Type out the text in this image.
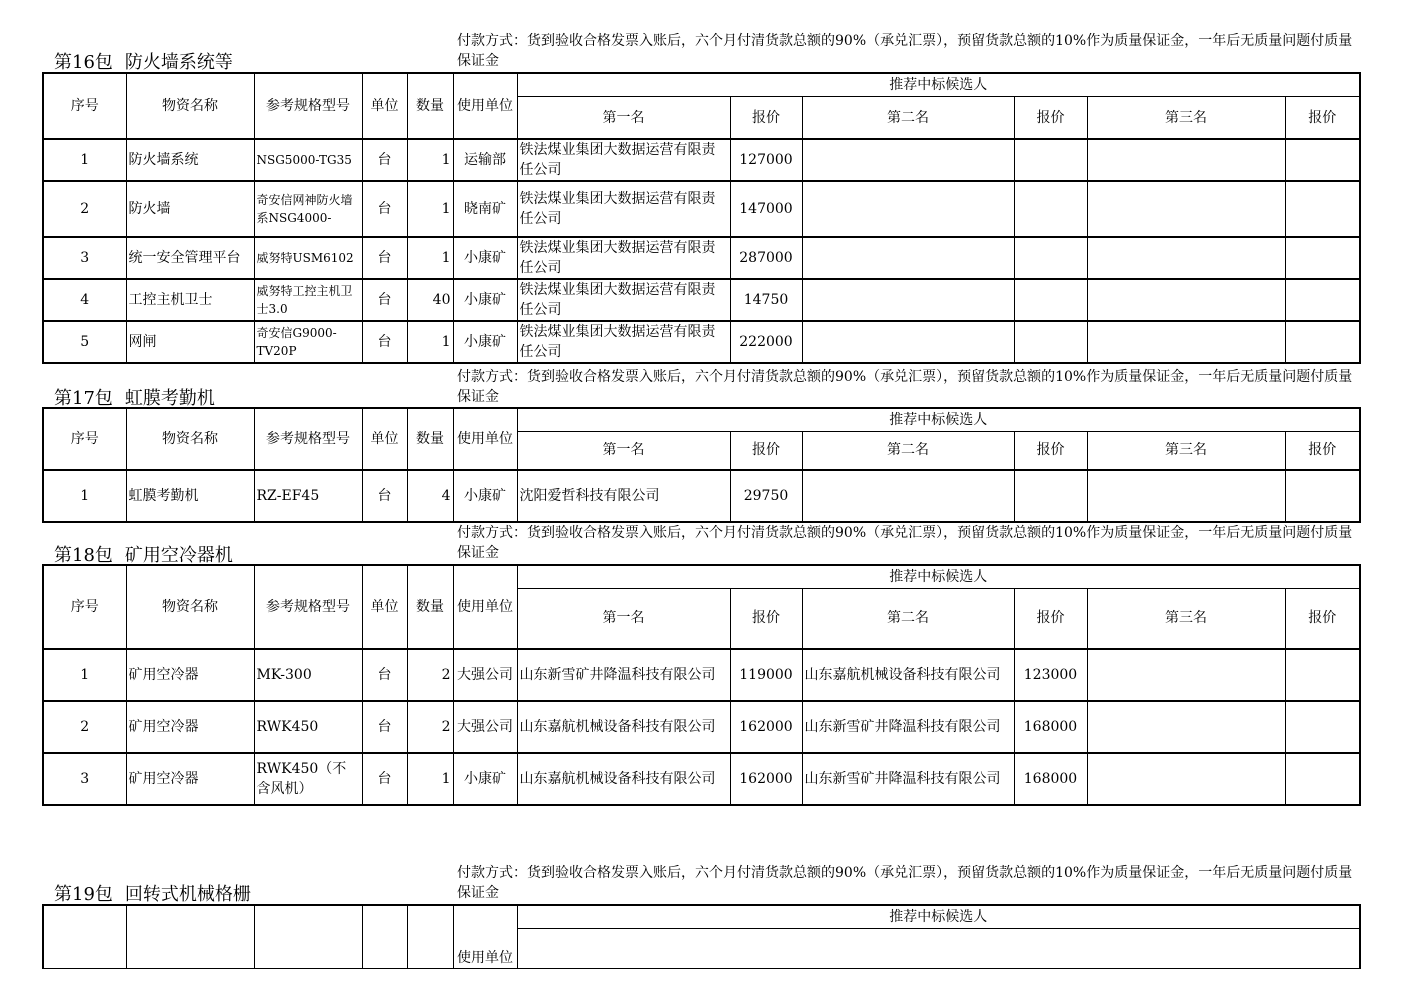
第16包 防火墙系统等
付款方式：货到验收合格发票入账后，六个月付清货款总额的90%（承兑汇票），预留货款总额的10%作为质量保证金，一年后无质量问题付质量保证金
序号	物资名称	参考规格型号	单位	数量	使用单位	推荐中标候选人					
						第一名	报价	第二名	报价	第三名	报价
1	防火墙系统	NSG5000-TG35	台	1	运输部	铁法煤业集团大数据运营有限责任公司	127000				
2	防火墙	奇安信网神防火墙系NSG4000-	台	1	晓南矿	铁法煤业集团大数据运营有限责任公司	147000				
3	统一安全管理平台	威努特USM6102	台	1	小康矿	铁法煤业集团大数据运营有限责任公司	287000				
4	工控主机卫士	威努特工控主机卫士3.0	台	40	小康矿	铁法煤业集团大数据运营有限责任公司	14750				
5	网闸	奇安信G9000-TV20P	台	1	小康矿	铁法煤业集团大数据运营有限责任公司	222000				
第17包 虹膜考勤机
付款方式：货到验收合格发票入账后，六个月付清货款总额的90%（承兑汇票），预留货款总额的10%作为质量保证金，一年后无质量问题付质量保证金
序号	物资名称	参考规格型号	单位	数量	使用单位	推荐中标候选人					
						第一名	报价	第二名	报价	第三名	报价
1	虹膜考勤机	RZ-EF45	台	4	小康矿	沈阳爱哲科技有限公司	29750				
第18包 矿用空冷器机
付款方式：货到验收合格发票入账后，六个月付清货款总额的90%（承兑汇票），预留货款总额的10%作为质量保证金，一年后无质量问题付质量保证金
序号	物资名称	参考规格型号	单位	数量	使用单位	推荐中标候选人					
						第一名	报价	第二名	报价	第三名	报价
1	矿用空冷器	MK-300	台	2	大强公司	山东新雪矿井降温科技有限公司	119000	山东嘉航机械设备科技有限公司	123000		
2	矿用空冷器	RWK450	台	2	大强公司	山东嘉航机械设备科技有限公司	162000	山东新雪矿井降温科技有限公司	168000		
3	矿用空冷器	RWK450（不含风机）	台	1	小康矿	山东嘉航机械设备科技有限公司	162000	山东新雪矿井降温科技有限公司	168000		
第19包 回转式机械格栅
付款方式：货到验收合格发票入账后，六个月付清货款总额的90%（承兑汇票），预留货款总额的10%作为质量保证金，一年后无质量问题付质量保证金
					使用单位	推荐中标候选人
